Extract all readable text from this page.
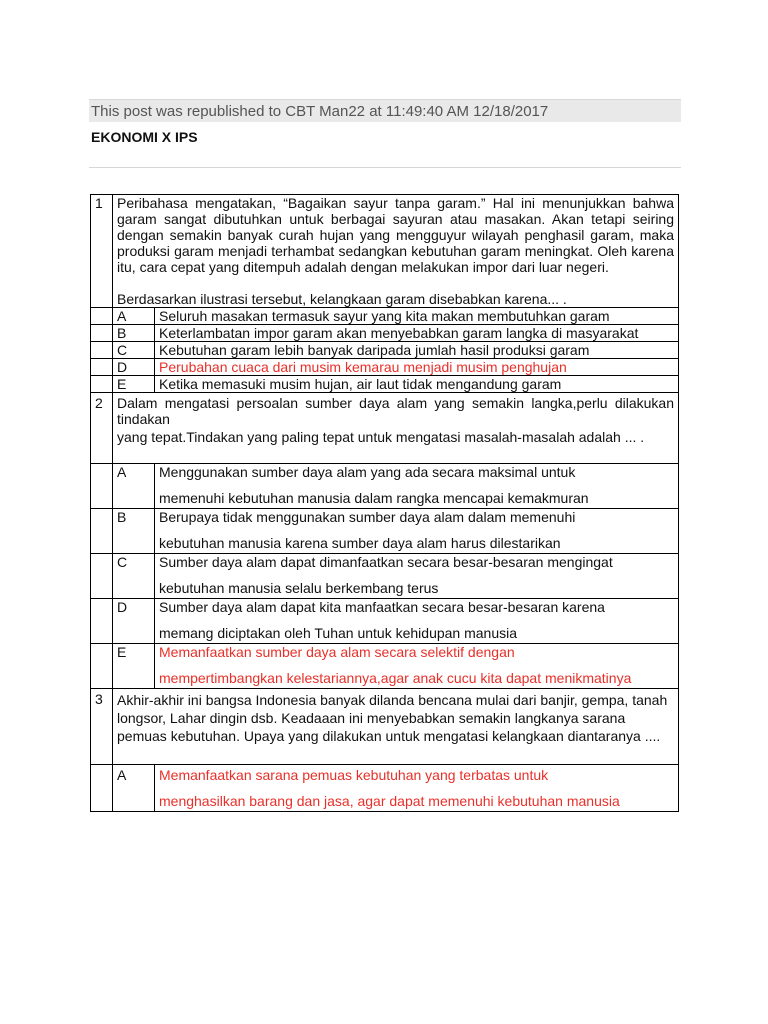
This post was republished to CBT Man22 at 11:49:40 AM 12/18/2017
EKONOMI X IPS
1	Peribahasa mengatakan, “Bagaikan sayur tanpa garam.” Hal ini menunjukkan bahwa garam sangat dibutuhkan untuk berbagai sayuran atau masakan. Akan tetapi seiring dengan semakin banyak curah hujan yang mengguyur wilayah penghasil garam, maka produksi garam menjadi terhambat sedangkan kebutuhan garam meningkat. Oleh karena itu, cara cepat yang ditempuh adalah dengan melakukan impor dari luar negeri.
Berdasarkan ilustrasi tersebut, kelangkaan garam disebabkan karena... .	

	A	Seluruh masakan termasuk sayur yang kita makan membutuhkan garam
	B	Keterlambatan impor garam akan menyebabkan garam langka di masyarakat
	C	Kebutuhan garam lebih banyak daripada jumlah hasil produksi garam
	D	Perubahan cuaca dari musim kemarau menjadi musim penghujan
	E	Ketika memasuki musim hujan, air laut tidak mengandung garam
2	Dalam mengatasi persoalan sumber daya alam yang semakin langka,perlu dilakukan tindakan
yang tepat.Tindakan yang paling tepat untuk mengatasi masalah-masalah adalah ... .	

	A	Menggunakan sumber daya alam yang ada secara maksimal untuk
memenuhi kebutuhan manusia dalam rangka mencapai kemakmuran

	B	Berupaya tidak menggunakan sumber daya alam dalam memenuhi
kebutuhan manusia karena sumber daya alam harus dilestarikan

	C	Sumber daya alam dapat dimanfaatkan secara besar-besaran mengingat
kebutuhan manusia selalu berkembang terus

	D	Sumber daya alam dapat kita manfaatkan secara besar-besaran karena
memang diciptakan oleh Tuhan untuk kehidupan manusia

	E	Memanfaatkan sumber daya alam secara selektif dengan
mempertimbangkan kelestariannya,agar anak cucu kita dapat menikmatinya

3	Akhir-akhir ini bangsa Indonesia banyak dilanda bencana mulai dari banjir, gempa, tanah longsor, Lahar dingin dsb. Keadaaan ini menyebabkan semakin langkanya sarana pemuas kebutuhan. Upaya yang dilakukan untuk mengatasi kelangkaan diantaranya ....	

	A	Memanfaatkan sarana pemuas kebutuhan yang terbatas untuk
menghasilkan barang dan jasa, agar dapat memenuhi kebutuhan manusia
